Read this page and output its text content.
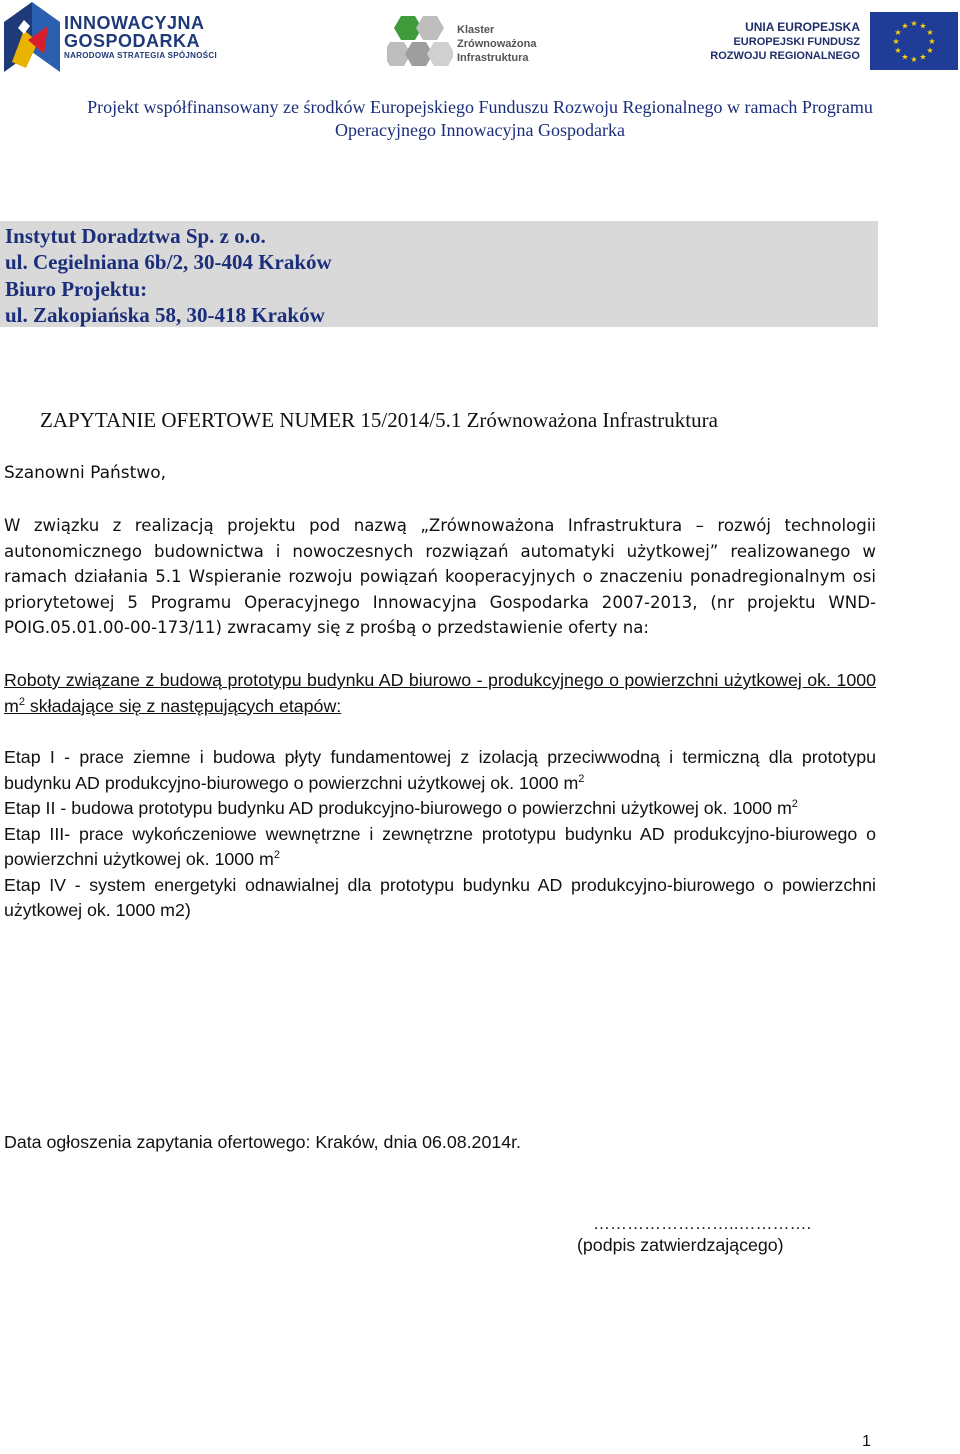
INNOWACYJNA
GOSPODARKA
NARODOWA STRATEGIA SPÓJNOŚCI
Klaster
Zrównoważona
Infrastruktura
UNIA EUROPEJSKA
EUROPEJSKI FUNDUSZ
ROZWOJU REGIONALNEGO
★ ★
★
★
★
★
★
★
★
★
★
★
Projekt współfinansowany ze środków Europejskiego Funduszu Rozwoju Regionalnego w ramach Programu
Operacyjnego Innowacyjna Gospodarka
Instytut Doradztwa Sp. z o.o.
ul. Cegielniana 6b/2, 30-404 Kraków
Biuro Projektu:
ul. Zakopiańska 58, 30-418 Kraków
ZAPYTANIE OFERTOWE NUMER 15/2014/5.1 Zrównoważona Infrastruktura
Szanowni Państwo,
W związku z realizacją projektu pod nazwą „Zrównoważona Infrastruktura – rozwój technologii autonomicznego budownictwa i nowoczesnych rozwiązań automatyki użytkowej” realizowanego w ramach działania 5.1 Wspieranie rozwoju powiązań kooperacyjnych o znaczeniu ponadregionalnym osi priorytetowej 5 Programu Operacyjnego Innowacyjna Gospodarka 2007-2013, (nr projektu WND-POIG.05.01.00-00-173/11) zwracamy się z prośbą o przedstawienie oferty na:
Roboty związane z budową prototypu budynku AD biurowo - produkcyjnego o powierzchni użytkowej ok. 1000 $m^2$ składające się z następujących etapów:
Etap I - prace ziemne i budowa płyty fundamentowej z izolacją przeciwwodną i termiczną dla prototypu budynku AD produkcyjno-biurowego o powierzchni użytkowej ok. 1000 $m^2$
Etap II - budowa prototypu budynku AD produkcyjno-biurowego o powierzchni użytkowej ok. 1000 $m^2$
Etap III- prace wykończeniowe wewnętrzne i zewnętrzne prototypu budynku AD produkcyjno-biurowego o powierzchni użytkowej ok. 1000 $m^2$
Etap IV - system energetyki odnawialnej dla prototypu budynku AD produkcyjno-biurowego o powierzchni użytkowej ok. 1000 m2)
Data ogłoszenia zapytania ofertowego: Kraków, dnia 06.08.2014r.
……………………..………….
(podpis zatwierdzającego)
1
